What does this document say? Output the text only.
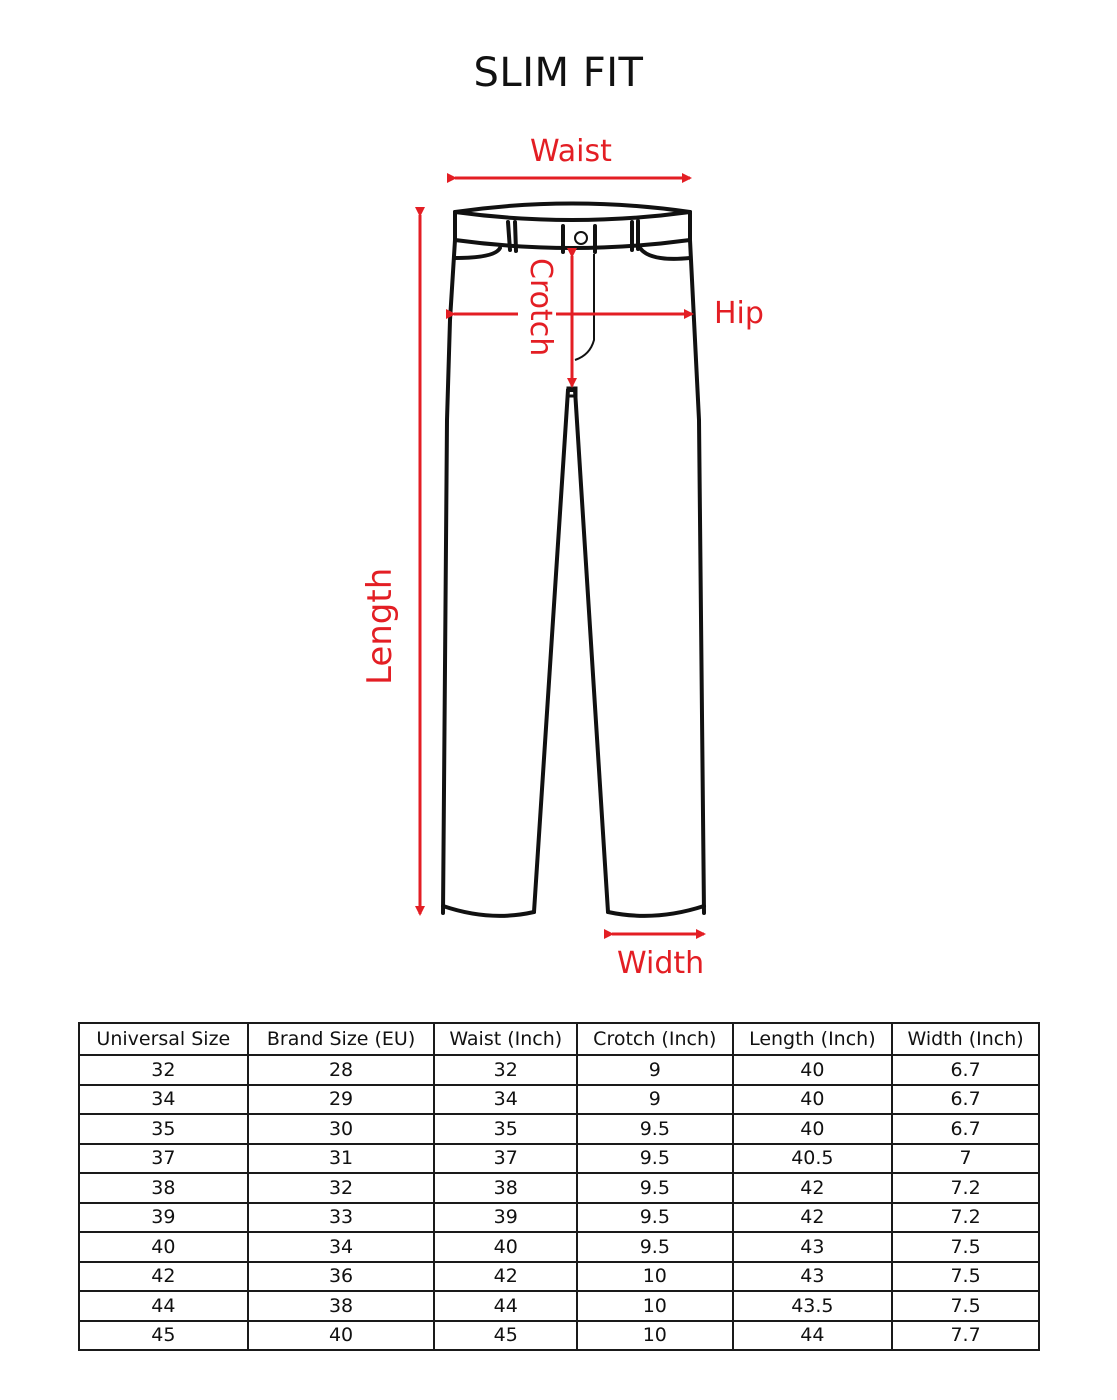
SLIM FIT
Waist
Hip
Crotch
Length
Width
Universal Size	Brand Size (EU)	Waist (Inch)	Crotch (Inch)	Length (Inch)	Width (Inch)
32	28	32	9	40	6.7
34	29	34	9	40	6.7
35	30	35	9.5	40	6.7
37	31	37	9.5	40.5	7
38	32	38	9.5	42	7.2
39	33	39	9.5	42	7.2
40	34	40	9.5	43	7.5
42	36	42	10	43	7.5
44	38	44	10	43.5	7.5
45	40	45	10	44	7.7
